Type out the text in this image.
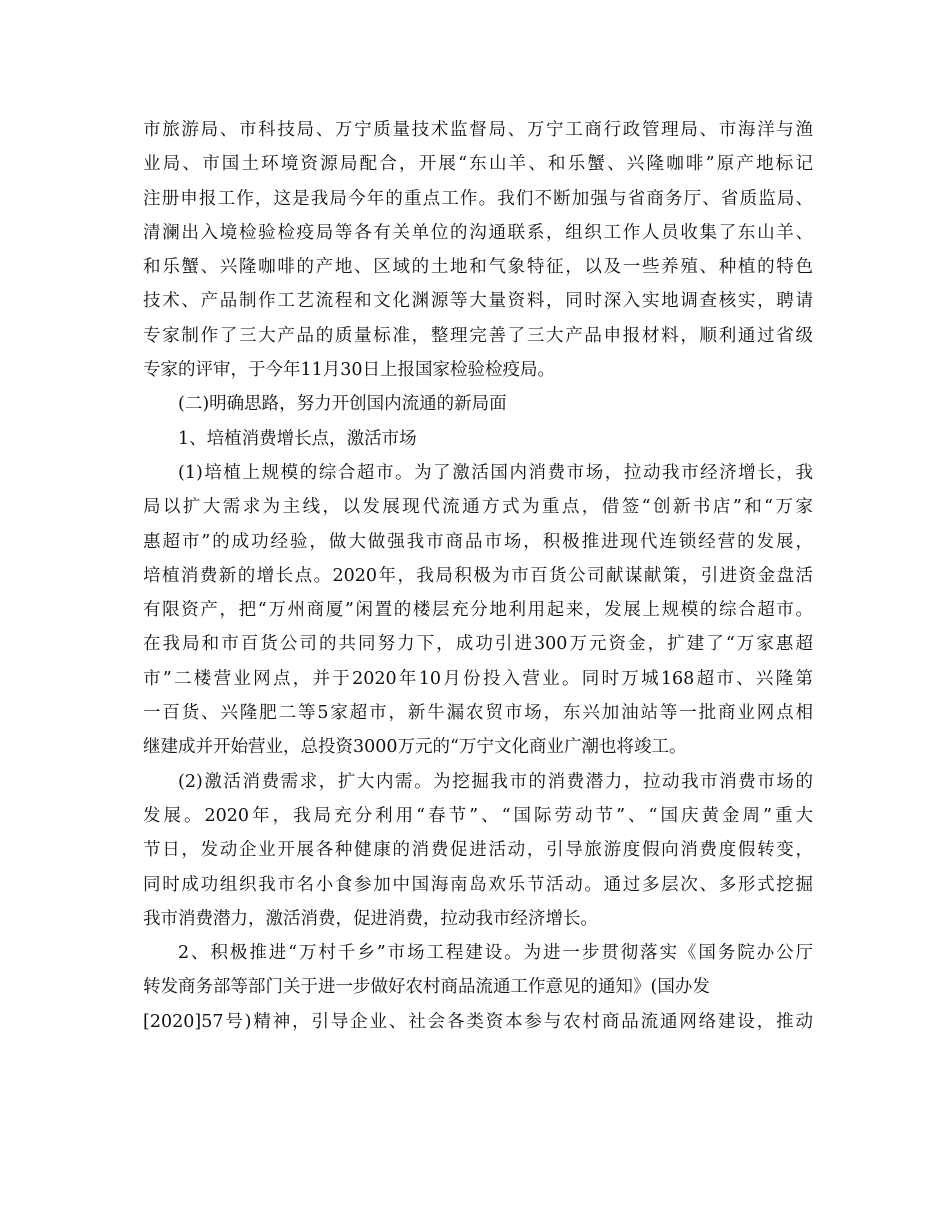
市旅游局、市科技局、万宁质量技术监督局、万宁工商行政管理局、市海洋与渔
业局、市国土环境资源局配合，开展“东山羊、和乐蟹、兴隆咖啡”原产地标记
注册申报工作，这是我局今年的重点工作。我们不断加强与省商务厅、省质监局、
清澜出入境检验检疫局等各有关单位的沟通联系，组织工作人员收集了东山羊、
和乐蟹、兴隆咖啡的产地、区域的土地和气象特征，以及一些养殖、种植的特色
技术、产品制作工艺流程和文化渊源等大量资料，同时深入实地调查核实，聘请
专家制作了三大产品的质量标准，整理完善了三大产品申报材料，顺利通过省级
专家的评审，于今年11月30日上报国家检验检疫局。
(二)明确思路，努力开创国内流通的新局面
1、培植消费增长点，激活市场
(1)培植上规模的综合超市。为了激活国内消费市场，拉动我市经济增长，我
局以扩大需求为主线，以发展现代流通方式为重点，借签“创新书店”和“万家
惠超市”的成功经验，做大做强我市商品市场，积极推进现代连锁经营的发展，
培植消费新的增长点。2020年，我局积极为市百货公司献谋献策，引进资金盘活
有限资产，把“万州商厦”闲置的楼层充分地利用起来，发展上规模的综合超市。
在我局和市百货公司的共同努力下，成功引进300万元资金，扩建了“万家惠超
市”二楼营业网点，并于2020年10月份投入营业。同时万城168超市、兴隆第
一百货、兴隆肥二等5家超市，新牛漏农贸市场，东兴加油站等一批商业网点相
继建成并开始营业，总投资3000万元的“万宁文化商业广潮也将竣工。
(2)激活消费需求，扩大内需。为挖掘我市的消费潜力，拉动我市消费市场的
发展。2020年，我局充分利用“春节”、“国际劳动节”、“国庆黄金周”重大
节日，发动企业开展各种健康的消费促进活动，引导旅游度假向消费度假转变，
同时成功组织我市名小食参加中国海南岛欢乐节活动。通过多层次、多形式挖掘
我市消费潜力，激活消费，促进消费，拉动我市经济增长。
2、积极推进“万村千乡”市场工程建设。为进一步贯彻落实《国务院办公厅
转发商务部等部门关于进一步做好农村商品流通工作意见的通知》(国办发
[2020]57号)精神，引导企业、社会各类资本参与农村商品流通网络建设，推动
